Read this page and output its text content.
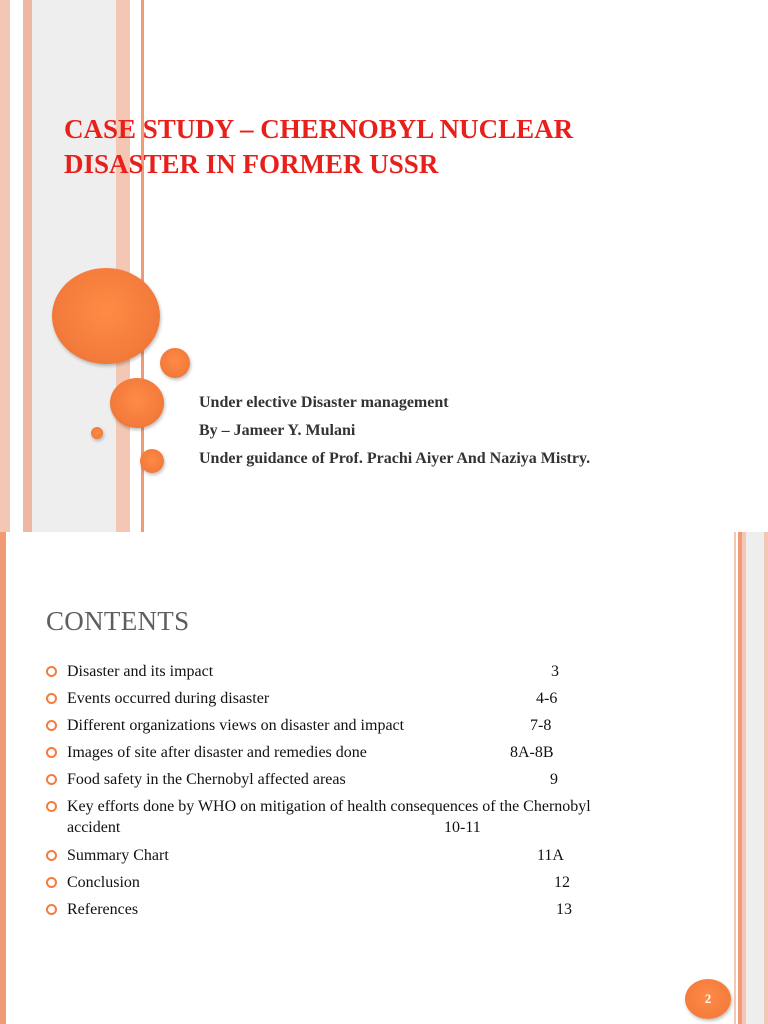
CASE STUDY – CHERNOBYL NUCLEAR
DISASTER IN FORMER USSR

Under elective Disaster management

By – Jameer Y. Mulani

Under guidance of Prof. Prachi Aiyer And Naziya Mistry.

CONTENTS
Disaster and its impact	3
Events occurred during disaster	4-6
Different organizations views on disaster and impact	7-8
Images of site after disaster and remedies done	8A-8B
Food safety in the Chernobyl affected areas	9
Key efforts done by WHO on mitigation of health consequences of the Chernobyl
accident	10-11
Summary Chart	11A
Conclusion	12
References	13
2
